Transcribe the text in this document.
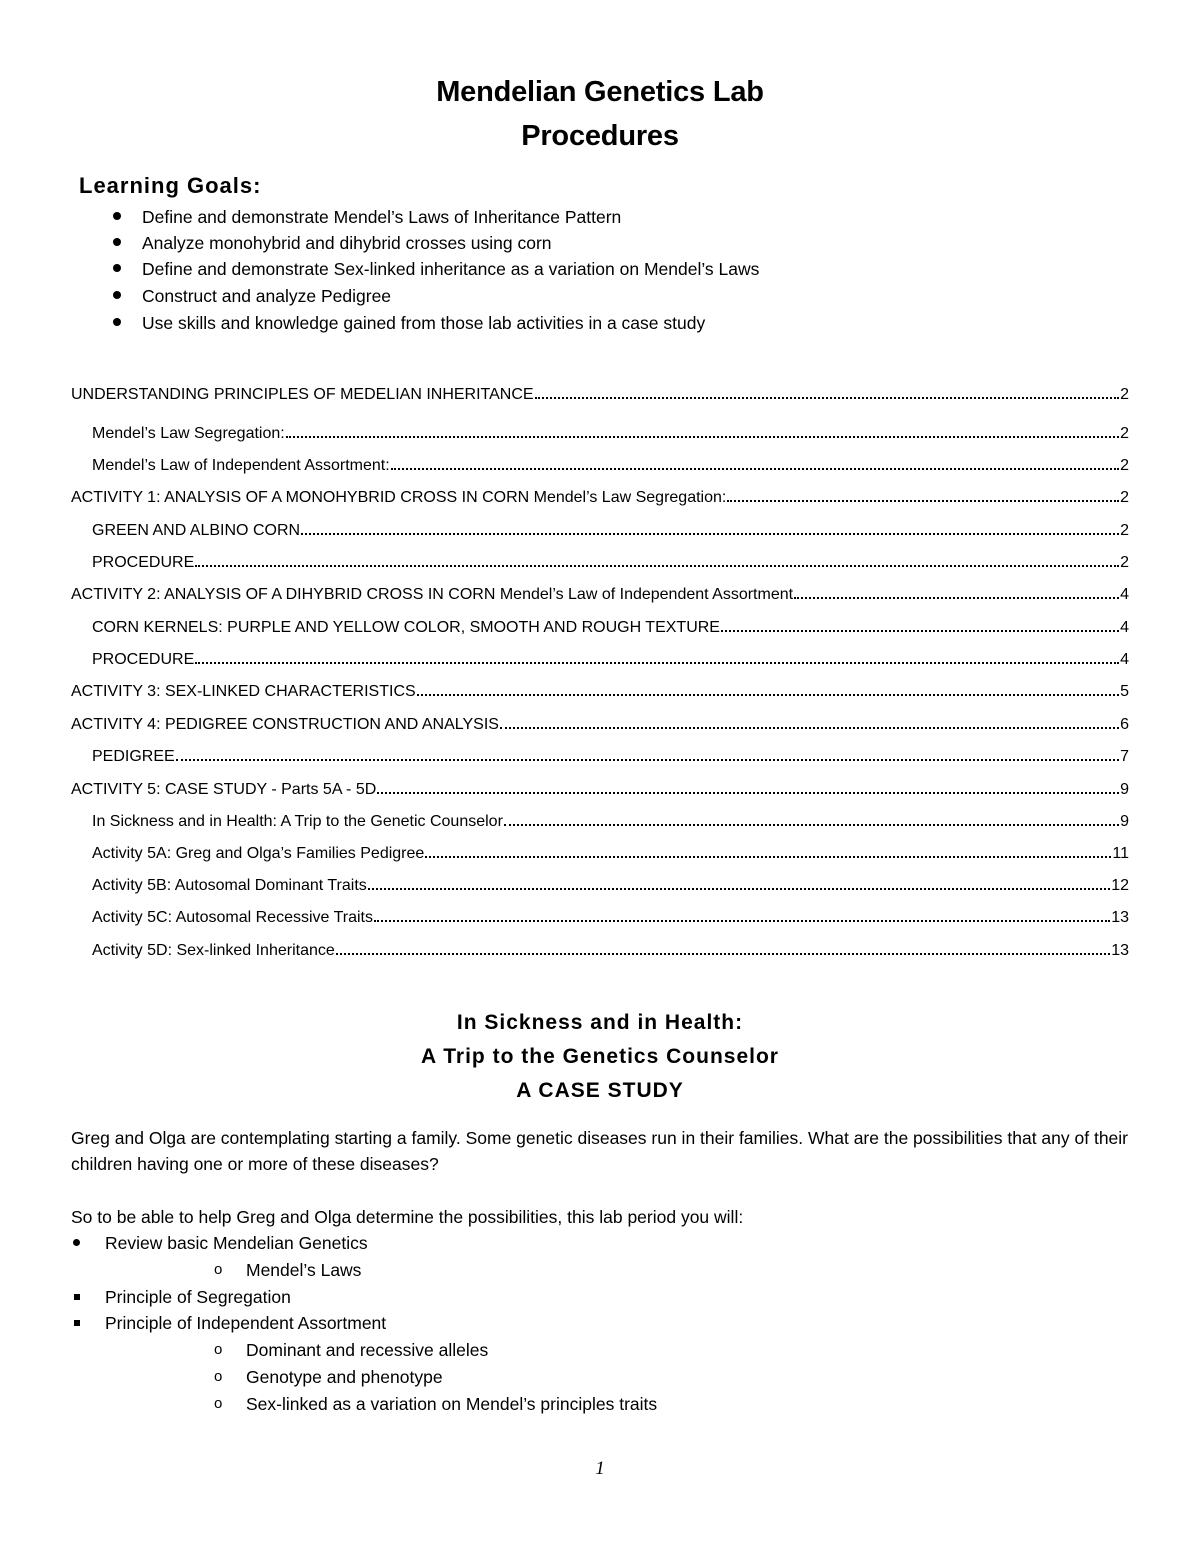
Mendelian Genetics Lab
Procedures
Learning Goals:
Define and demonstrate Mendel’s Laws of Inheritance Pattern
Analyze monohybrid and dihybrid crosses using corn
Define and demonstrate Sex-linked inheritance as a variation on Mendel’s Laws
Construct and analyze Pedigree
Use skills and knowledge gained from those lab activities in a case study
UNDERSTANDING PRINCIPLES OF MEDELIAN INHERITANCE	2
Mendel’s Law Segregation:	2
Mendel’s Law of Independent Assortment:	2
ACTIVITY 1: ANALYSIS OF A MONOHYBRID CROSS IN CORN Mendel’s Law Segregation:	2
GREEN AND ALBINO CORN	2
PROCEDURE	2
ACTIVITY 2: ANALYSIS OF A DIHYBRID CROSS IN CORN Mendel’s Law of Independent Assortment	4
CORN KERNELS: PURPLE AND YELLOW COLOR, SMOOTH AND ROUGH TEXTURE	4
PROCEDURE	4
ACTIVITY 3: SEX-LINKED CHARACTERISTICS	5
ACTIVITY 4: PEDIGREE CONSTRUCTION AND ANALYSIS	6
PEDIGREE	7
ACTIVITY 5: CASE STUDY - Parts 5A - 5D	9
In Sickness and in Health: A Trip to the Genetic Counselor	9
Activity 5A: Greg and Olga’s Families Pedigree	11
Activity 5B: Autosomal Dominant Traits	12
Activity 5C: Autosomal Recessive Traits	13
Activity 5D: Sex-linked Inheritance	13
In Sickness and in Health:
A Trip to the Genetics Counselor
A CASE STUDY
Greg and Olga are contemplating starting a family. Some genetic diseases run in their families. What are the possibilities that any of their children having one or more of these diseases?
So to be able to help Greg and Olga determine the possibilities, this lab period you will:
Review basic Mendelian Genetics
o Mendel’s Laws
Principle of Segregation
Principle of Independent Assortment
o Dominant and recessive alleles
o Genotype and phenotype
o Sex-linked as a variation on Mendel’s principles traits
1
